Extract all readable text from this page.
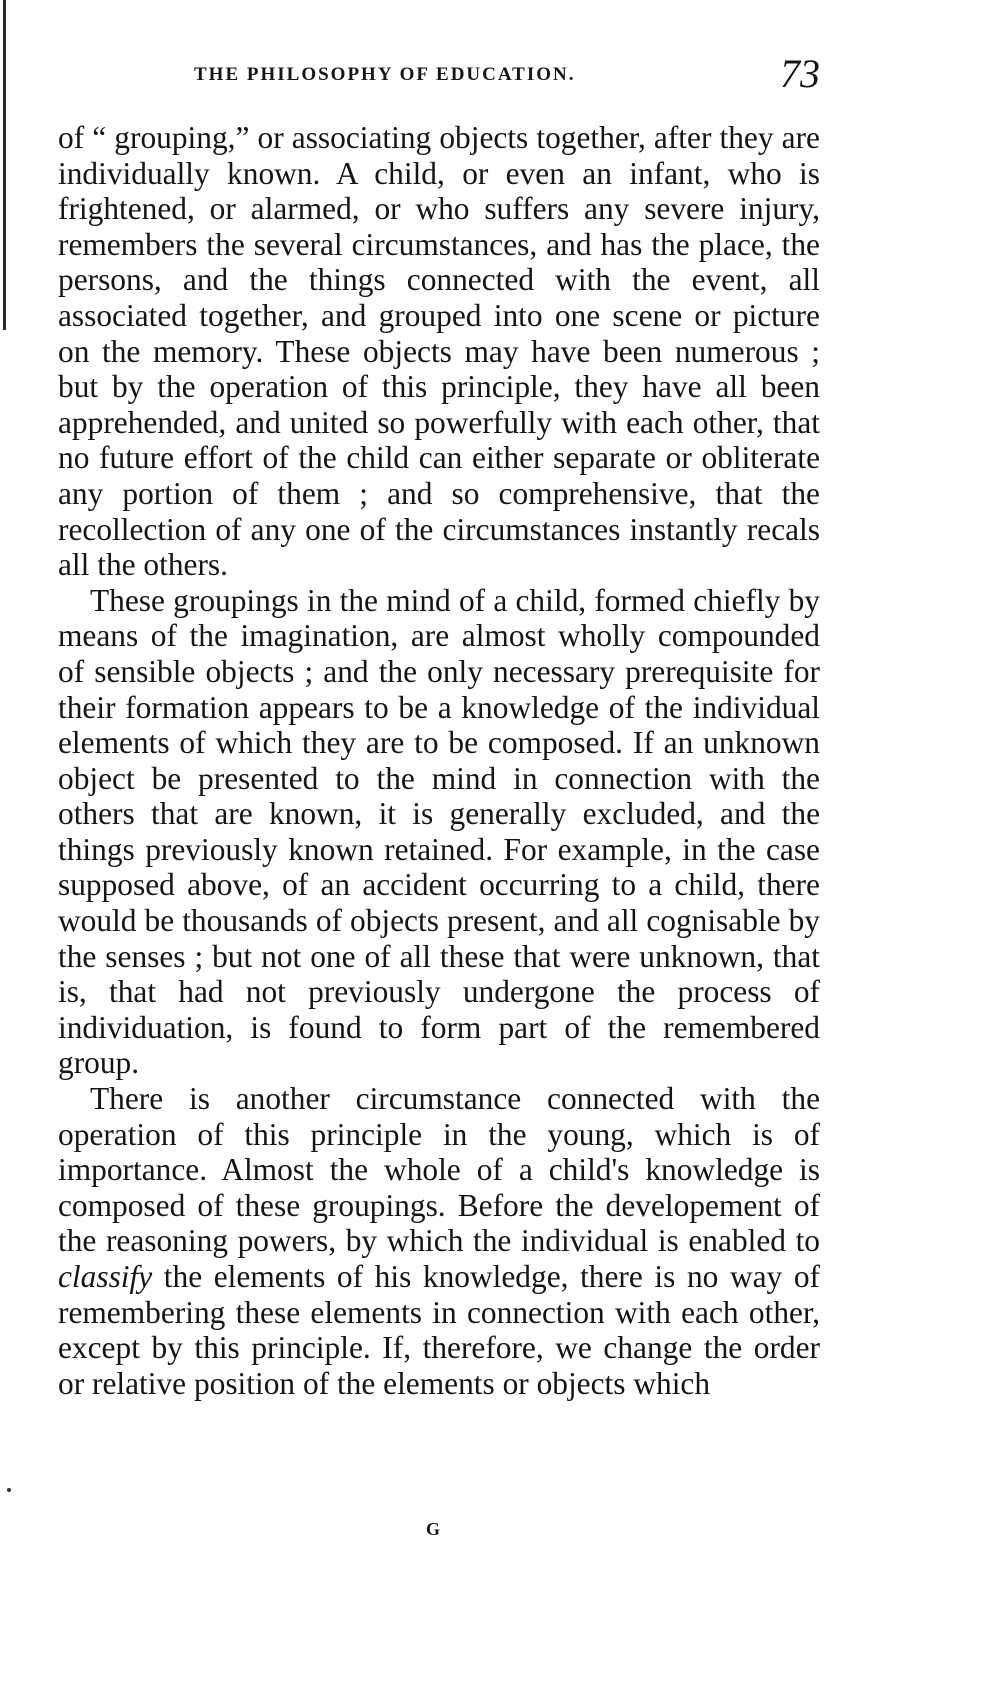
THE PHILOSOPHY OF EDUCATION.	73

of “ grouping,” or associating objects together, after they are individually known. A child, or even an infant, who is frightened, or alarmed, or who suffers any severe injury, remembers the several circumstances, and has the place, the persons, and the things connected with the event, all associated together, and grouped into one scene or picture on the memory. These objects may have been numerous ; but by the operation of this principle, they have all been apprehended, and united so powerfully with each other, that no future effort of the child can either separate or obliterate any portion of them ; and so comprehensive, that the recollection of any one of the circumstances instantly recals all the others.

These groupings in the mind of a child, formed chiefly by means of the imagination, are almost wholly compounded of sensible objects ; and the only necessary prerequisite for their formation appears to be a knowledge of the individual elements of which they are to be composed. If an unknown object be presented to the mind in connection with the others that are known, it is generally excluded, and the things previously known retained. For example, in the case supposed above, of an accident occurring to a child, there would be thousands of objects present, and all cognisable by the senses ; but not one of all these that were unknown, that is, that had not previously undergone the process of individuation, is found to form part of the remembered group.

There is another circumstance connected with the operation of this principle in the young, which is of importance. Almost the whole of a child's knowledge is composed of these groupings. Before the developement of the reasoning powers, by which the individual is enabled to classify the elements of his knowledge, there is no way of remembering these elements in connection with each other, except by this principle. If, therefore, we change the order or relative position of the elements or objects which

G
